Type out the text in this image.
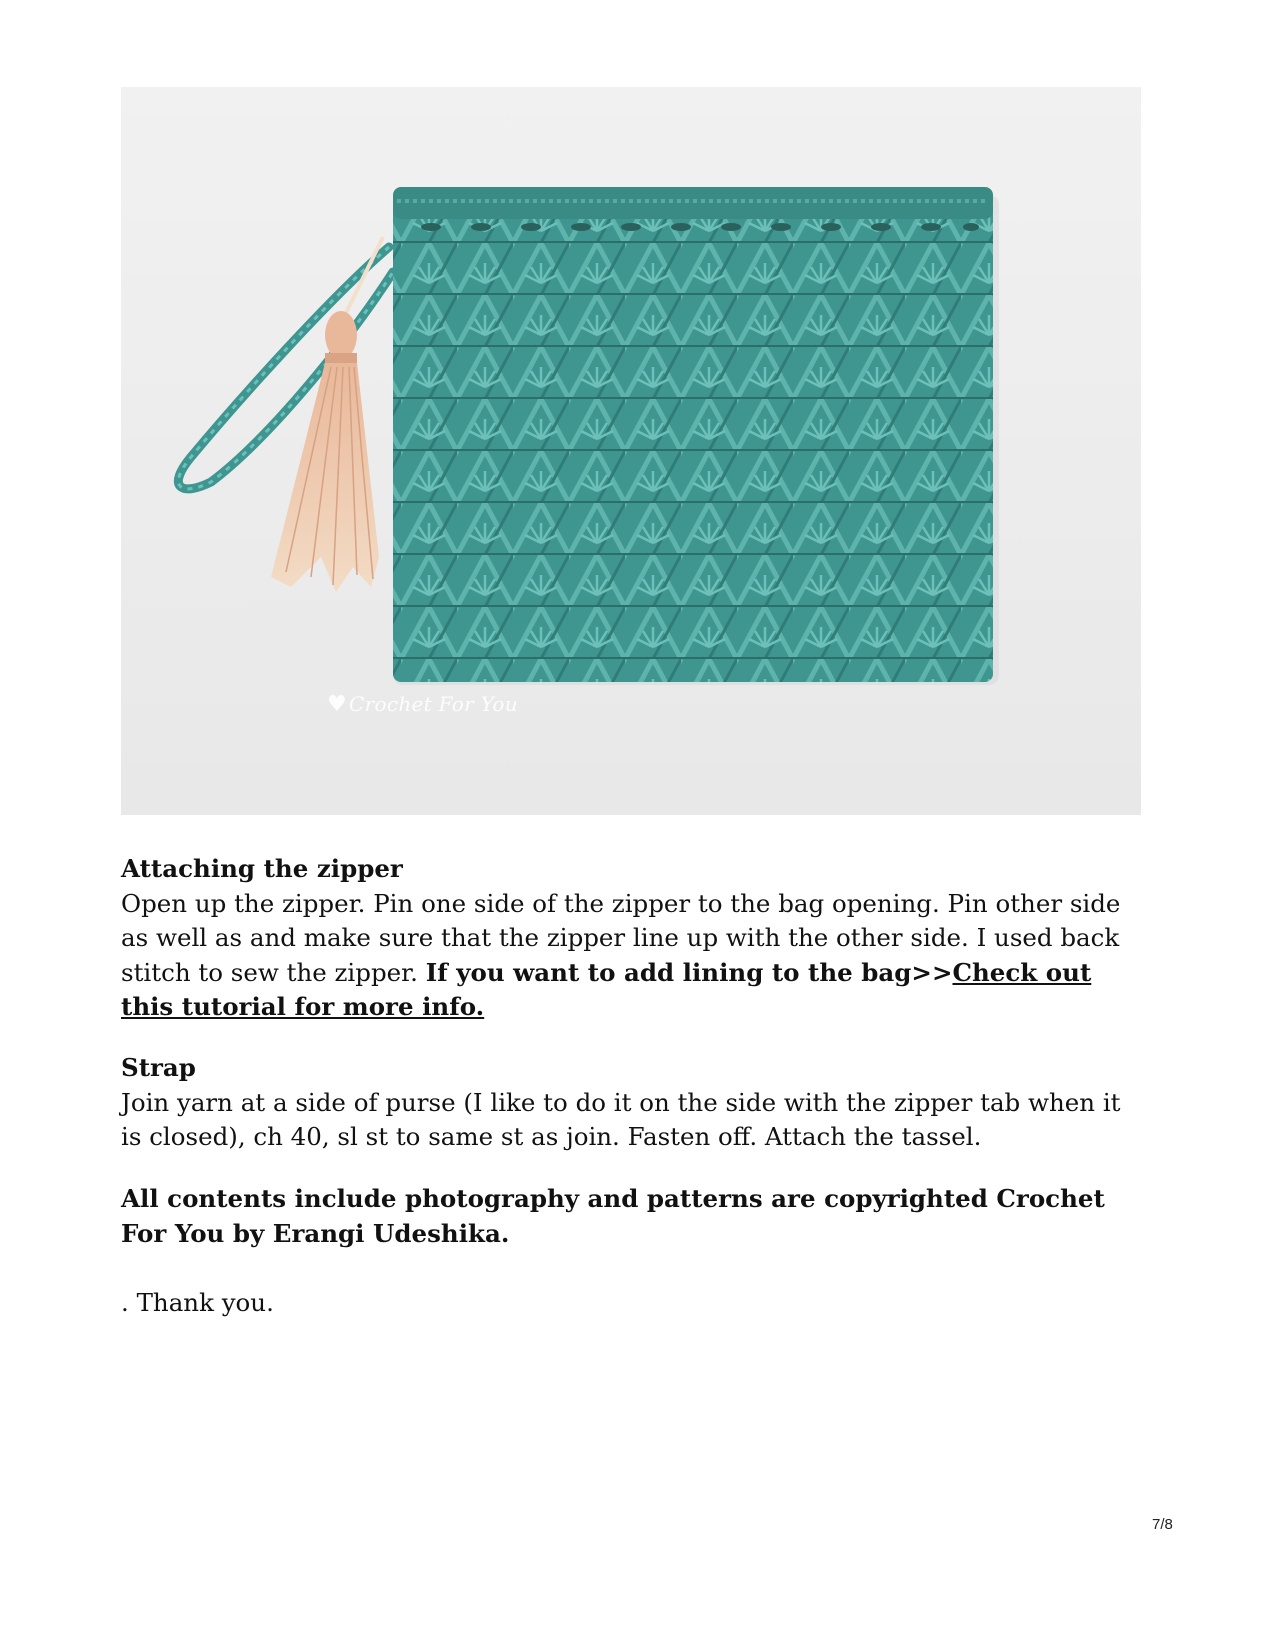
♥ Crochet For You

Attaching the zipper

Open up the zipper. Pin one side of the zipper to the bag opening. Pin other side as well as and make sure that the zipper line up with the other side. I used back stitch to sew the zipper. If you want to add lining to the bag>>Check out this tutorial for more info.

Strap

Join yarn at a side of purse (I like to do it on the side with the zipper tab when it is closed), ch 40, sl st to same st as join. Fasten off. Attach the tassel.

All contents include photography and patterns are copyrighted Crochet For You by Erangi Udeshika.

. Thank you.

7/8
